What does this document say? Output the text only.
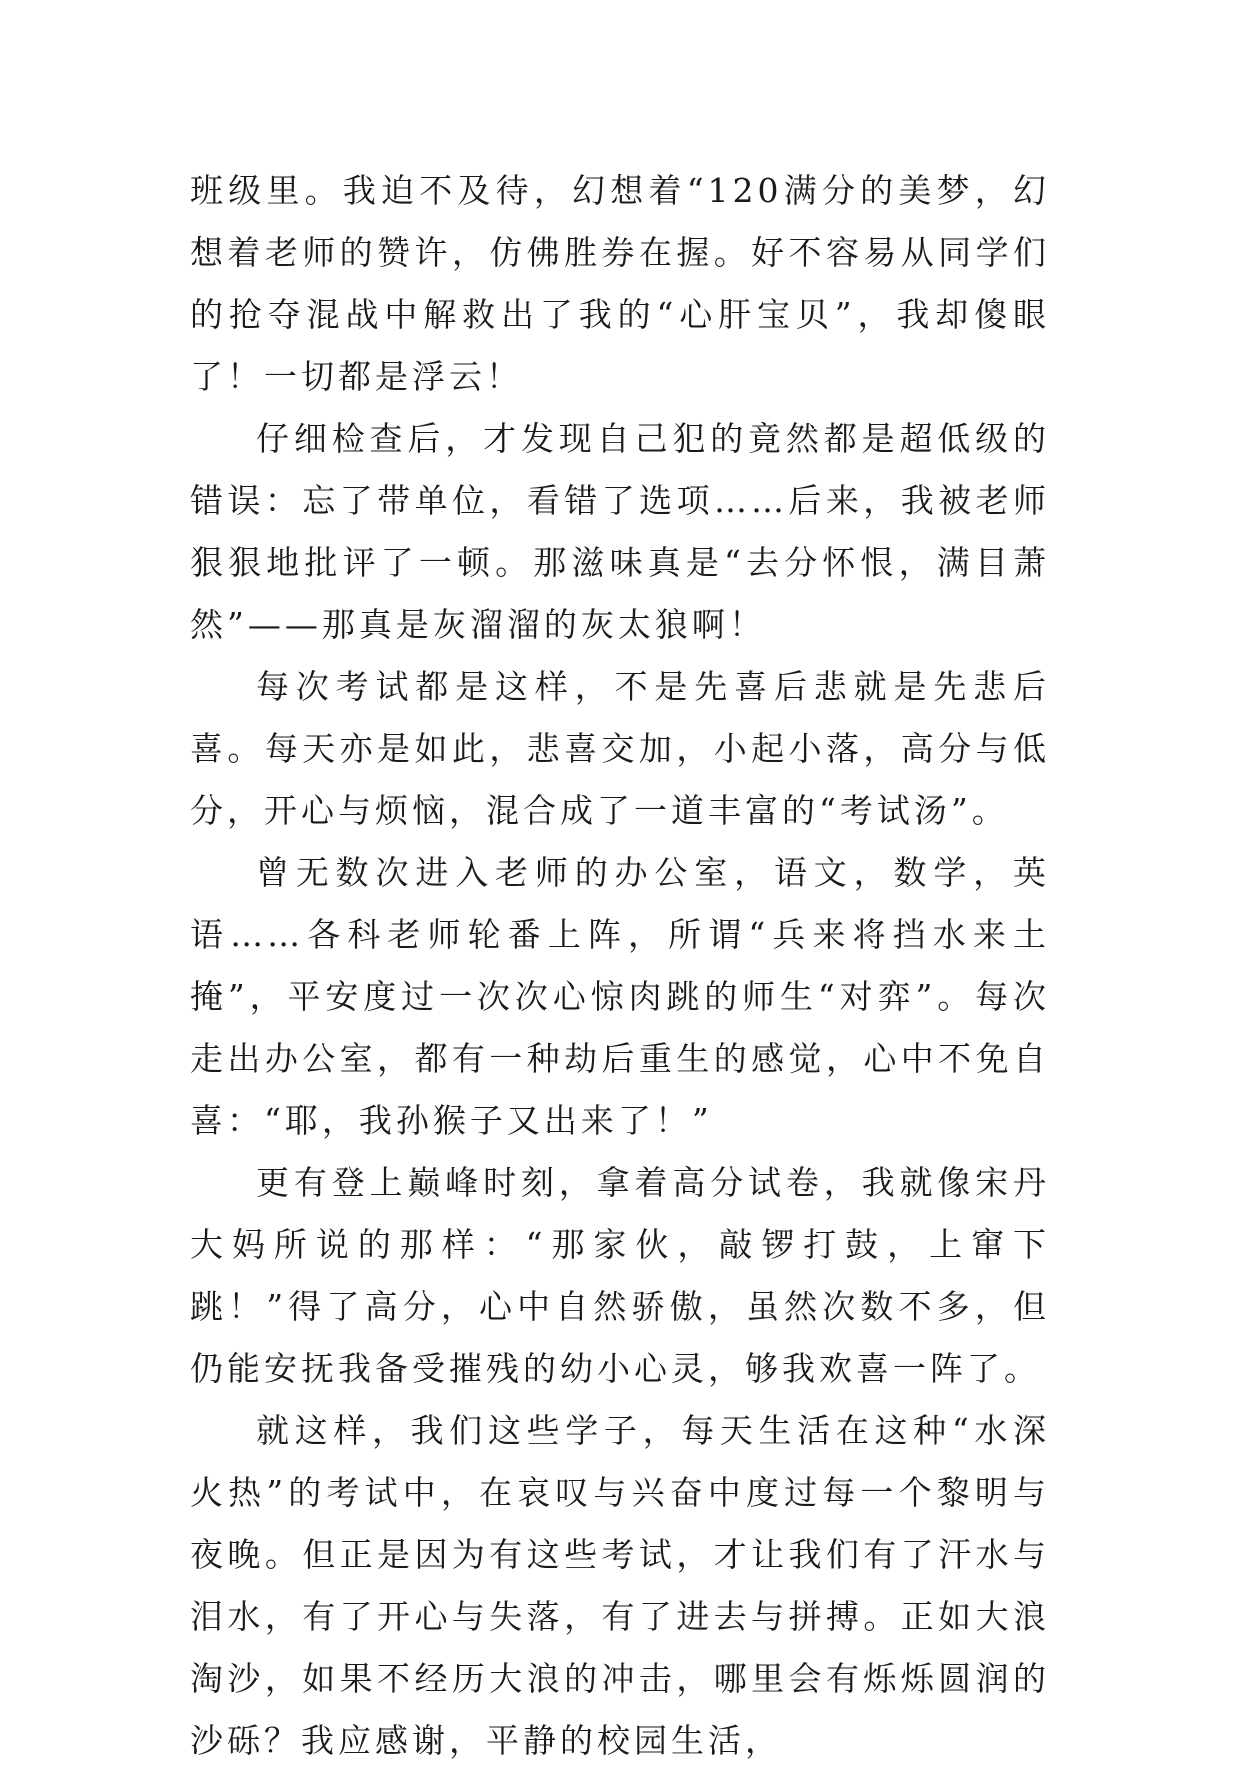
班级里。我迫不及待，幻想着“120满分的美梦，幻想着老师的赞许，仿佛胜券在握。好不容易从同学们的抢夺混战中解救出了我的“心肝宝贝”，我却傻眼了！一切都是浮云！

仔细检查后，才发现自己犯的竟然都是超低级的错误：忘了带单位，看错了选项……后来，我被老师狠狠地批评了一顿。那滋味真是“去分怀恨，满目萧然”——那真是灰溜溜的灰太狼啊！

每次考试都是这样，不是先喜后悲就是先悲后喜。每天亦是如此，悲喜交加，小起小落，高分与低分，开心与烦恼，混合成了一道丰富的“考试汤”。

曾无数次进入老师的办公室，语文，数学，英语……各科老师轮番上阵，所谓“兵来将挡水来土掩”，平安度过一次次心惊肉跳的师生“对弈”。每次走出办公室，都有一种劫后重生的感觉，心中不免自喜：“耶，我孙猴子又出来了！”

更有登上巅峰时刻，拿着高分试卷，我就像宋丹大妈所说的那样：“那家伙，敲锣打鼓，上窜下跳！”得了高分，心中自然骄傲，虽然次数不多，但仍能安抚我备受摧残的幼小心灵，够我欢喜一阵了。

就这样，我们这些学子，每天生活在这种“水深火热”的考试中，在哀叹与兴奋中度过每一个黎明与夜晚。但正是因为有这些考试，才让我们有了汗水与泪水，有了开心与失落，有了进去与拼搏。正如大浪淘沙，如果不经历大浪的冲击，哪里会有烁烁圆润的沙砾？我应感谢，平静的校园生活，
